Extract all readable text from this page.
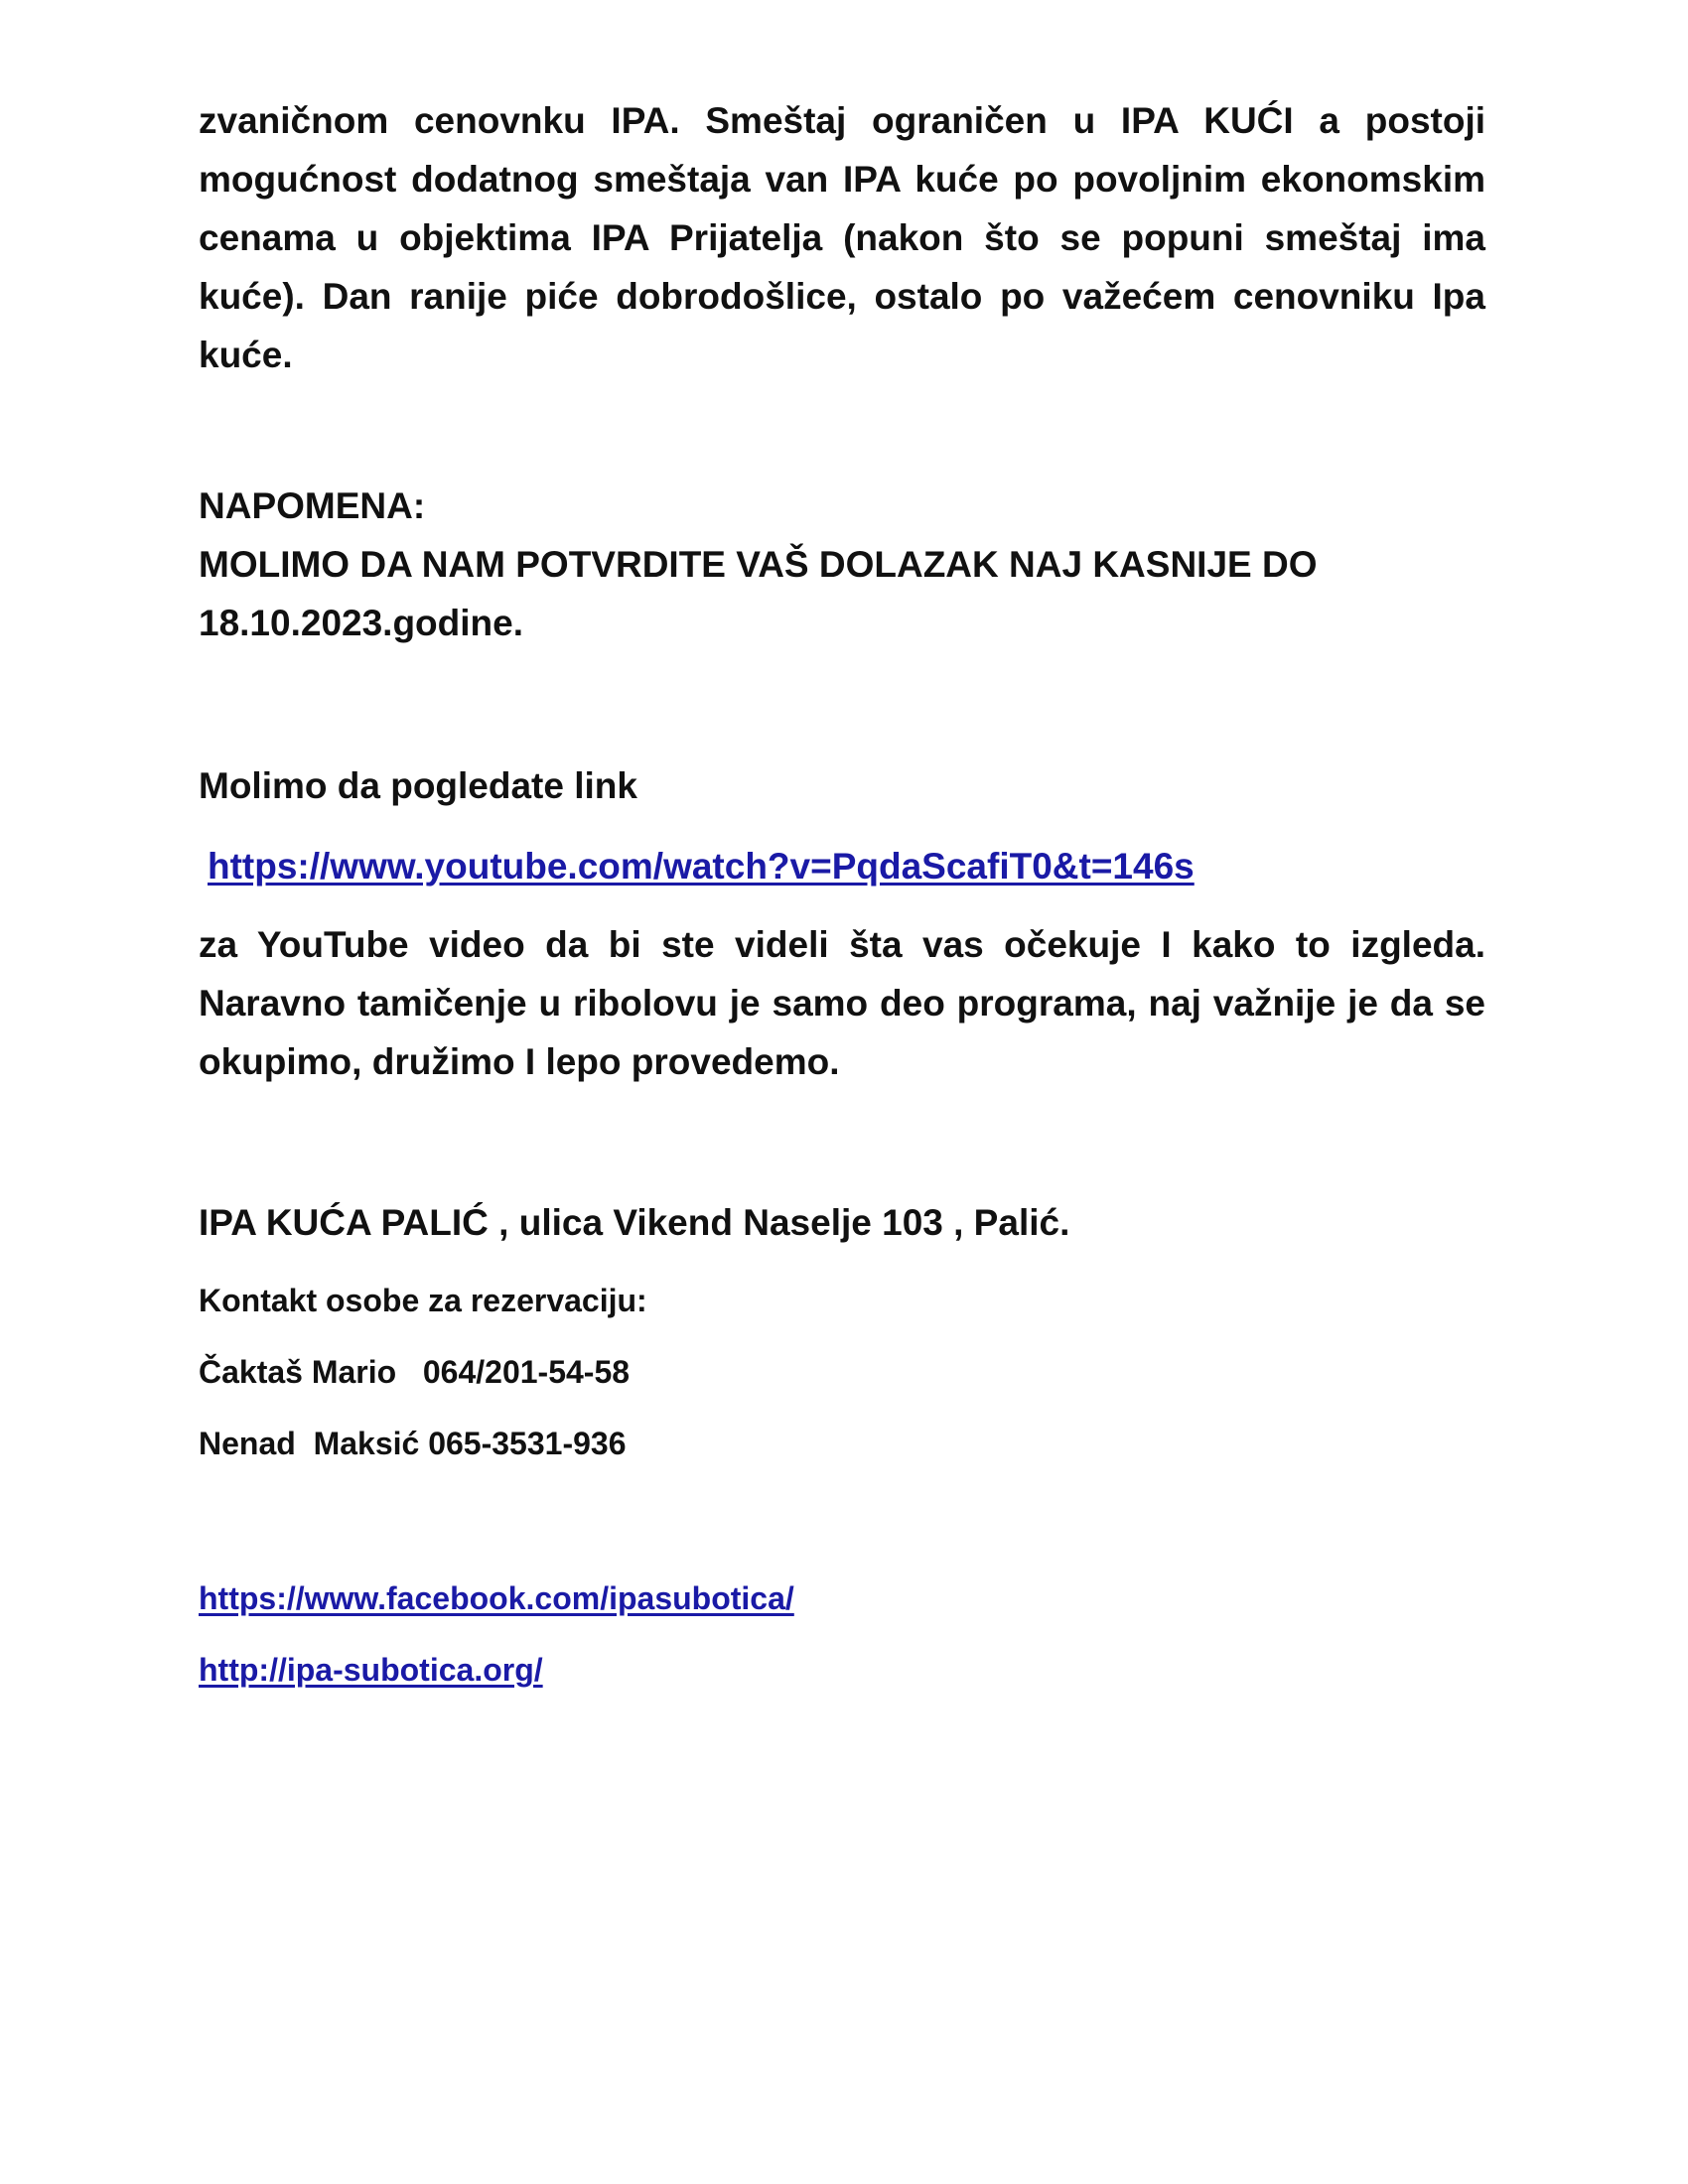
zvaničnom cenovnku IPA. Smeštaj ograničen u IPA KUĆI a postoji mogućnost dodatnog smeštaja van IPA kuće po povoljnim ekonomskim cenama u objektima IPA Prijatelja (nakon što se popuni smeštaj ima kuće). Dan ranije piće dobrodošlice, ostalo po važećem cenovniku Ipa kuće.

NAPOMENA:

MOLIMO DA NAM POTVRDITE VAŠ DOLAZAK NAJ KASNIJE DO

18.10.2023.godine.

Molimo da pogledate link

https://www.youtube.com/watch?v=PqdaScafiT0&t=146s

za YouTube video da bi ste videli šta vas očekuje I kako to izgleda. Naravno tamičenje u ribolovu je samo deo programa, naj važnije je da se okupimo, družimo I lepo provedemo.

IPA KUĆA PALIĆ , ulica Vikend Naselje 103 , Palić.

Kontakt osobe za rezervaciju:

Čaktaš Mario 064/201-54-58

Nenad  Maksić 065-3531-936

https://www.facebook.com/ipasubotica/

http://ipa-subotica.org/
